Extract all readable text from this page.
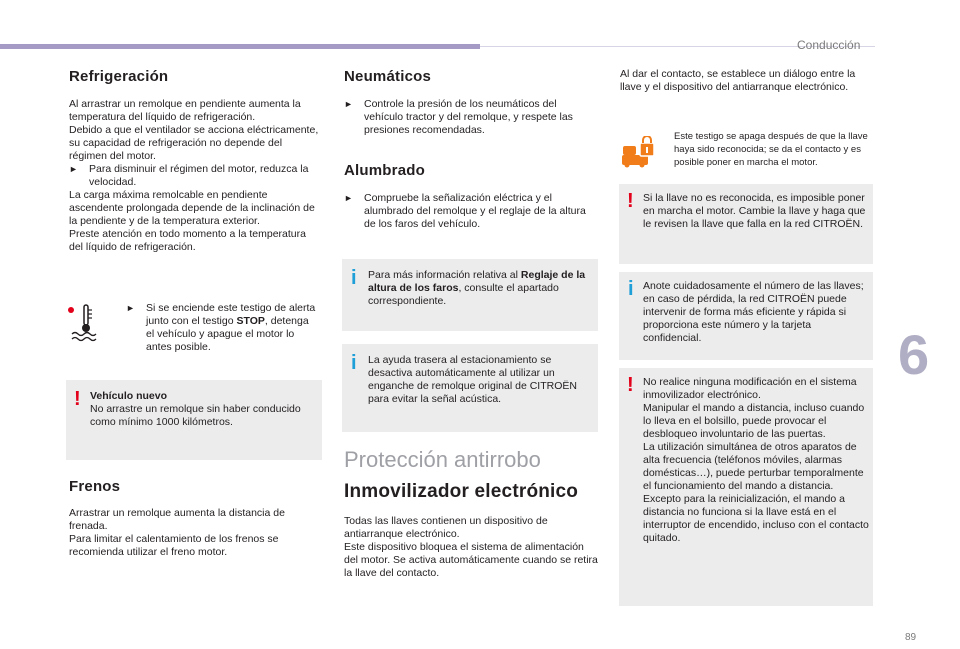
Conducción
6
89
Refrigeración

Al arrastrar un remolque en pendiente aumenta la temperatura del líquido de refrigeración.

Debido a que el ventilador se acciona eléctricamente, su capacidad de refrigeración no depende del régimen del motor.

►	Para disminuir el régimen del motor, reduzca la velocidad.

La carga máxima remolcable en pendiente ascendente prolongada depende de la inclinación de la pendiente y de la temperatura exterior.

Preste atención en todo momento a la temperatura del líquido de refrigeración.

►	Si se enciende este testigo de alerta junto con el testigo STOP, detenga el vehículo y apague el motor lo antes posible.
! Vehículo nuevo
No arrastre un remolque sin haber conducido como mínimo 1000 kilómetros.
Frenos

Arrastrar un remolque aumenta la distancia de frenada.

Para limitar el calentamiento de los frenos se recomienda utilizar el freno motor.

Neumáticos
►	Controle la presión de los neumáticos del vehículo tractor y del remolque, y respete las presiones recomendadas.
Alumbrado
►	Compruebe la señalización eléctrica y el alumbrado del remolque y el reglaje de la altura de los faros del vehículo.
i Para más información relativa al Reglaje de la altura de los faros, consulte el apartado correspondiente.
i La ayuda trasera al estacionamiento se desactiva automáticamente al utilizar un enganche de remolque original de CITROËN para evitar la señal acústica.
Protección antirrobo
Inmovilizador electrónico

Todas las llaves contienen un dispositivo de antiarranque electrónico.

Este dispositivo bloquea el sistema de alimentación del motor. Se activa automáticamente cuando se retira la llave del contacto.

Al dar el contacto, se establece un diálogo entre la llave y el dispositivo del antiarranque electrónico.

Este testigo se apaga después de que la llave haya sido reconocida; se da el contacto y es posible poner en marcha el motor.
! Si la llave no es reconocida, es imposible poner en marcha el motor. Cambie la llave y haga que le revisen la llave que falla en la red CITROËN.
i Anote cuidadosamente el número de las llaves; en caso de pérdida, la red CITROËN puede intervenir de forma más eficiente y rápida si proporciona este número y la tarjeta confidencial.
! No realice ninguna modificación en el sistema inmovilizador electrónico.
Manipular el mando a distancia, incluso cuando lo lleva en el bolsillo, puede provocar el desbloqueo involuntario de las puertas.
La utilización simultánea de otros aparatos de alta frecuencia (teléfonos móviles, alarmas domésticas…), puede perturbar temporalmente el funcionamiento del mando a distancia.
Excepto para la reinicialización, el mando a distancia no funciona si la llave está en el interruptor de encendido, incluso con el contacto quitado.
